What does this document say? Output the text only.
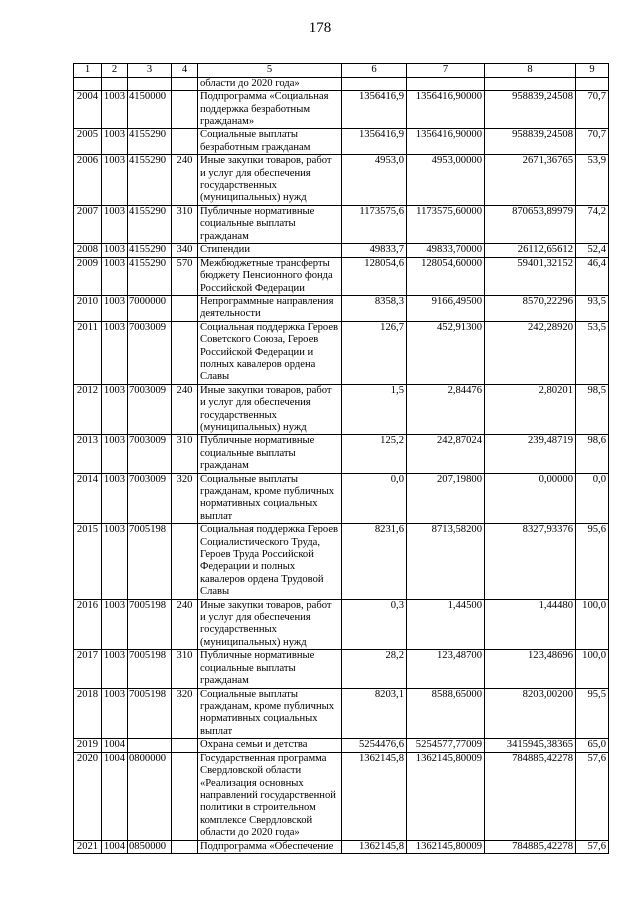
178
1	2	3	4	5	6	7	8	9
				области до 2020 года»				
2004	1003	4150000		Подпрограмма «Социальная поддержка безработным гражданам»	1356416,9	1356416,90000	958839,24508	70,7
2005	1003	4155290		Социальные выплаты безработным гражданам	1356416,9	1356416,90000	958839,24508	70,7
2006	1003	4155290	240	Иные закупки товаров, работ и услуг для обеспечения государственных (муниципальных) нужд	4953,0	4953,00000	2671,36765	53,9
2007	1003	4155290	310	Публичные нормативные социальные выплаты гражданам	1173575,6	1173575,60000	870653,89979	74,2
2008	1003	4155290	340	Стипендии	49833,7	49833,70000	26112,65612	52,4
2009	1003	4155290	570	Межбюджетные трансферты бюджету Пенсионного фонда Российской Федерации	128054,6	128054,60000	59401,32152	46,4
2010	1003	7000000		Непрограммные направления деятельности	8358,3	9166,49500	8570,22296	93,5
2011	1003	7003009		Социальная поддержка Героев Советского Союза, Героев Российской Федерации и полных кавалеров ордена Славы	126,7	452,91300	242,28920	53,5
2012	1003	7003009	240	Иные закупки товаров, работ и услуг для обеспечения государственных (муниципальных) нужд	1,5	2,84476	2,80201	98,5
2013	1003	7003009	310	Публичные нормативные социальные выплаты гражданам	125,2	242,87024	239,48719	98,6
2014	1003	7003009	320	Социальные выплаты гражданам, кроме публичных нормативных социальных выплат	0,0	207,19800	0,00000	0,0
2015	1003	7005198		Социальная поддержка Героев Социалистического Труда, Героев Труда Российской Федерации и полных кавалеров ордена Трудовой Славы	8231,6	8713,58200	8327,93376	95,6
2016	1003	7005198	240	Иные закупки товаров, работ и услуг для обеспечения государственных (муниципальных) нужд	0,3	1,44500	1,44480	100,0
2017	1003	7005198	310	Публичные нормативные социальные выплаты гражданам	28,2	123,48700	123,48696	100,0
2018	1003	7005198	320	Социальные выплаты гражданам, кроме публичных нормативных социальных выплат	8203,1	8588,65000	8203,00200	95,5
2019	1004			Охрана семьи и детства	5254476,6	5254577,77009	3415945,38365	65,0
2020	1004	0800000		Государственная программа Свердловской области «Реализация основных направлений государственной политики в строительном комплексе Свердловской области до 2020 года»	1362145,8	1362145,80009	784885,42278	57,6
2021	1004	0850000		Подпрограмма «Обеспечение	1362145,8	1362145,80009	784885,42278	57,6
